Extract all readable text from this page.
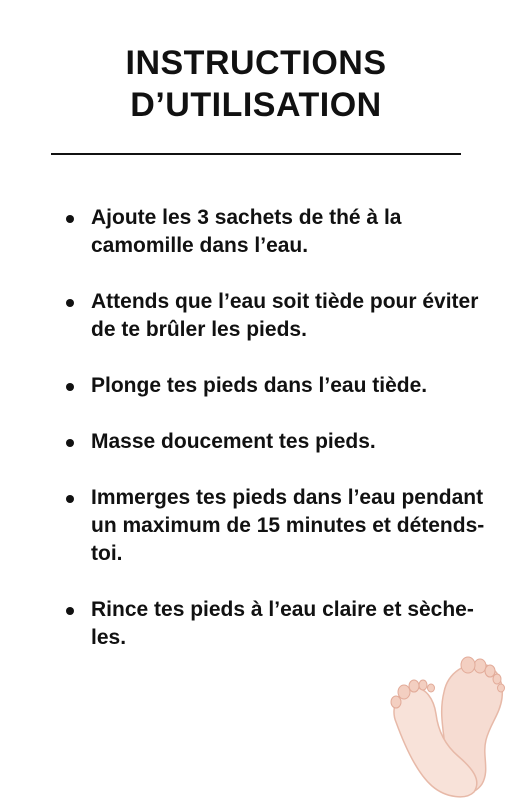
INSTRUCTIONS
D’UTILISATION
Ajoute les 3 sachets de thé à la camomille dans l’eau.
Attends que l’eau soit tiède pour éviter de te brûler les pieds.
Plonge tes pieds dans l’eau tiède.
Masse doucement tes pieds.
Immerges tes pieds dans l’eau pendant un maximum de 15 minutes et détends-toi.
Rince tes pieds à l’eau claire et sèche-les.
